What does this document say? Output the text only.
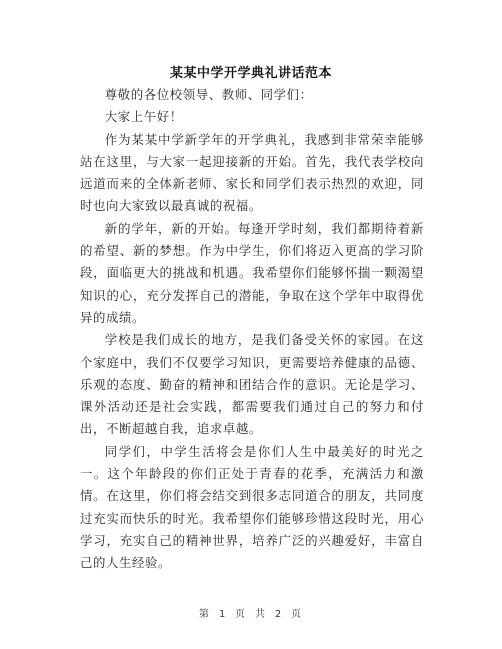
某某中学开学典礼讲话范本

尊敬的各位校领导、教师、同学们：

大家上午好！

作为某某中学新学年的开学典礼，我感到非常荣幸能够站在这里，与大家一起迎接新的开始。首先，我代表学校向远道而来的全体新老师、家长和同学们表示热烈的欢迎，同时也向大家致以最真诚的祝福。

新的学年，新的开始。每逢开学时刻，我们都期待着新的希望、新的梦想。作为中学生，你们将迈入更高的学习阶段，面临更大的挑战和机遇。我希望你们能够怀揣一颗渴望知识的心，充分发挥自己的潜能，争取在这个学年中取得优异的成绩。

学校是我们成长的地方，是我们备受关怀的家园。在这个家庭中，我们不仅要学习知识，更需要培养健康的品德、乐观的态度、勤奋的精神和团结合作的意识。无论是学习、课外活动还是社会实践，都需要我们通过自己的努力和付出，不断超越自我，追求卓越。

同学们，中学生活将会是你们人生中最美好的时光之一。这个年龄段的你们正处于青春的花季，充满活力和激情。在这里，你们将会结交到很多志同道合的朋友，共同度过充实而快乐的时光。我希望你们能够珍惜这段时光，用心学习，充实自己的精神世界，培养广泛的兴趣爱好，丰富自己的人生经验。

第 1 页 共 2 页
